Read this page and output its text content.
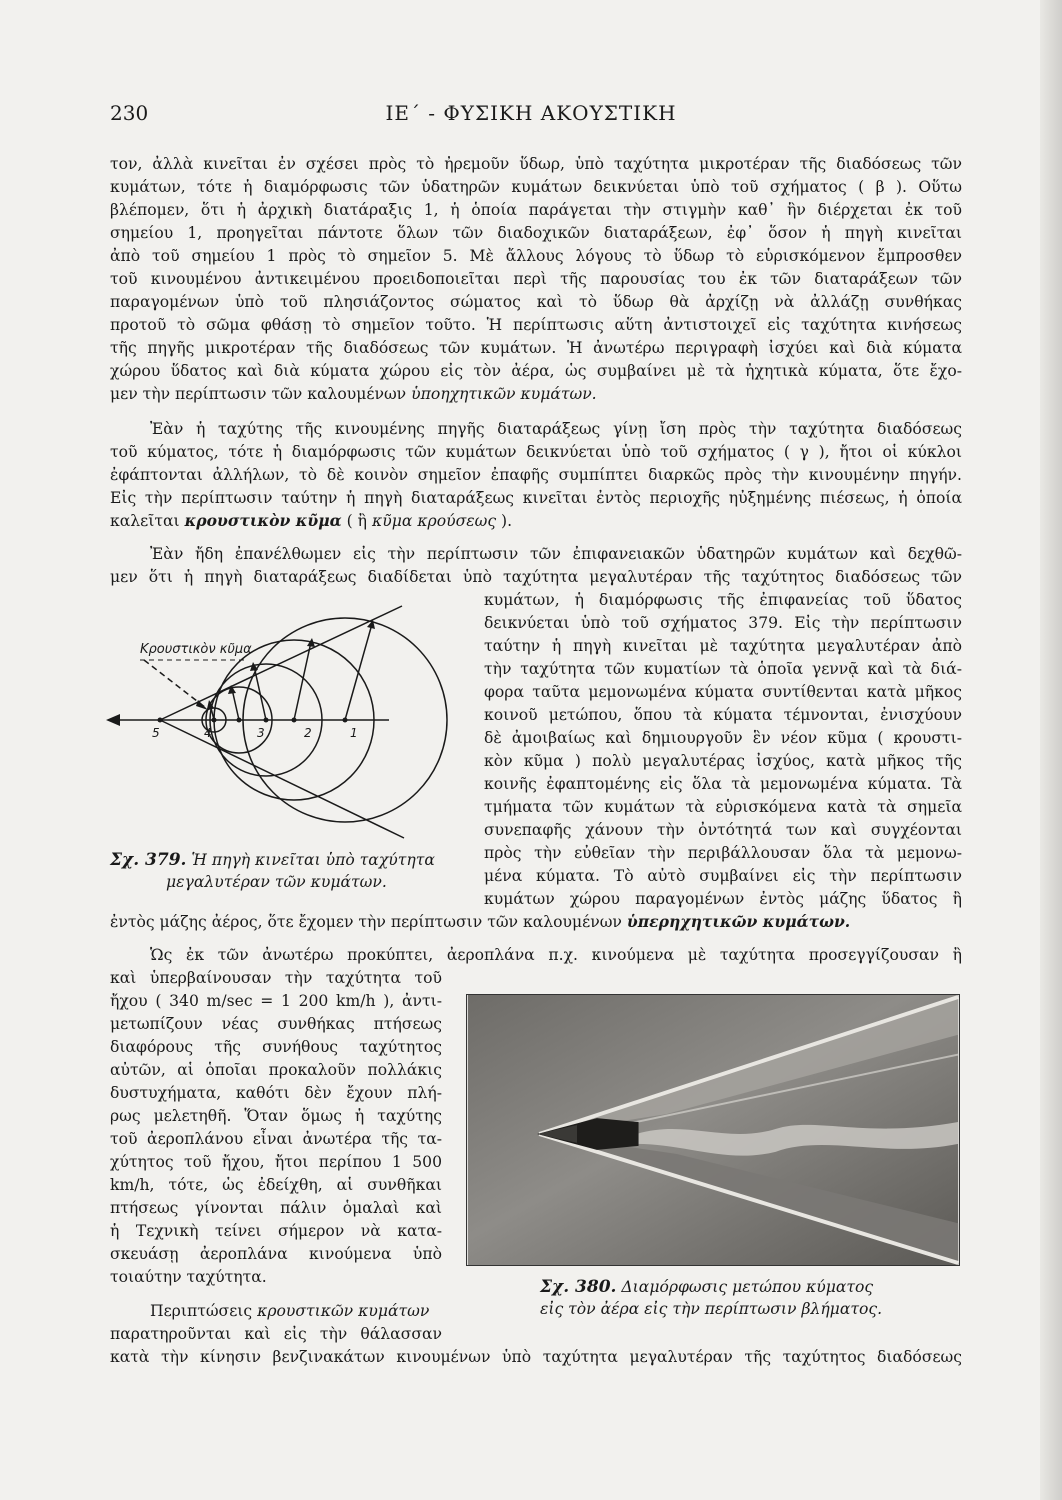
230	ΙΕ΄ - ΦΥΣΙΚΗ ΑΚΟΥΣΤΙΚΗ
τον, ἀλλὰ κινεῖται ἐν σχέσει πρὸς τὸ ἠρεμοῦν ὕδωρ, ὑπὸ ταχύτητα μικροτέραν τῆς διαδόσεως τῶν
κυμάτων, τότε ἡ διαμόρφωσις τῶν ὑδατηρῶν κυμάτων δεικνύεται ὑπὸ τοῦ σχήματος ( β ). Οὕτω
βλέπομεν, ὅτι ἡ ἀρχικὴ διατάραξις 1, ἡ ὁποία παράγεται τὴν στιγμὴν καθ᾽ ἣν διέρχεται ἐκ τοῦ
σημείου 1, προηγεῖται πάντοτε ὅλων τῶν διαδοχικῶν διαταράξεων, ἐφ᾽ ὅσον ἡ πηγὴ κινεῖται
ἀπὸ τοῦ σημείου 1 πρὸς τὸ σημεῖον 5. Μὲ ἄλλους λόγους τὸ ὕδωρ τὸ εὑρισκόμενον ἔμπροσθεν
τοῦ κινουμένου ἀντικειμένου προειδοποιεῖται περὶ τῆς παρουσίας του ἐκ τῶν διαταράξεων τῶν
παραγομένων ὑπὸ τοῦ πλησιάζοντος σώματος καὶ τὸ ὕδωρ θὰ ἀρχίζῃ νὰ ἀλλάζῃ συνθήκας
προτοῦ τὸ σῶμα φθάσῃ τὸ σημεῖον τοῦτο. Ἡ περίπτωσις αὕτη ἀντιστοιχεῖ εἰς ταχύτητα κινήσεως
τῆς πηγῆς μικροτέραν τῆς διαδόσεως τῶν κυμάτων. Ἡ ἀνωτέρω περιγραφὴ ἰσχύει καὶ διὰ κύματα
χώρου ὕδατος καὶ διὰ κύματα χώρου εἰς τὸν ἀέρα, ὡς συμβαίνει μὲ τὰ ἠχητικὰ κύματα, ὅτε ἔχο-
μεν τὴν περίπτωσιν τῶν καλουμένων ὑποηχητικῶν κυμάτων.
Ἐὰν ἡ ταχύτης τῆς κινουμένης πηγῆς διαταράξεως γίνῃ ἴση πρὸς τὴν ταχύτητα διαδόσεως
τοῦ κύματος, τότε ἡ διαμόρφωσις τῶν κυμάτων δεικνύεται ὑπὸ τοῦ σχήματος ( γ ), ἤτοι οἱ κύκλοι
ἐφάπτονται ἀλλήλων, τὸ δὲ κοινὸν σημεῖον ἐπαφῆς συμπίπτει διαρκῶς πρὸς τὴν κινουμένην πηγήν.
Εἰς τὴν περίπτωσιν ταύτην ἡ πηγὴ διαταράξεως κινεῖται ἐντὸς περιοχῆς ηὐξημένης πιέσεως, ἡ ὁποία
καλεῖται κρουστικὸν κῦμα ( ἢ κῦμα κρούσεως ).
Ἐὰν ἤδη ἐπανέλθωμεν εἰς τὴν περίπτωσιν τῶν ἐπιφανειακῶν ὑδατηρῶν κυμάτων καὶ δεχθῶ-
μεν ὅτι ἡ πηγὴ διαταράξεως διαδίδεται ὑπὸ ταχύτητα μεγαλυτέραν τῆς ταχύτητος διαδόσεως τῶν
κυμάτων, ἡ διαμόρφωσις τῆς ἐπιφανείας τοῦ ὕδατος
δεικνύεται ὑπὸ τοῦ σχήματος 379. Εἰς τὴν περίπτωσιν
ταύτην ἡ πηγὴ κινεῖται μὲ ταχύτητα μεγαλυτέραν ἀπὸ
τὴν ταχύτητα τῶν κυματίων τὰ ὁποῖα γεννᾷ καὶ τὰ διά-
φορα ταῦτα μεμονωμένα κύματα συντίθενται κατὰ μῆκος
κοινοῦ μετώπου, ὅπου τὰ κύματα τέμνονται, ἐνισχύουν
δὲ ἀμοιβαίως καὶ δημιουργοῦν ἓν νέον κῦμα ( κρουστι-
κὸν κῦμα ) πολὺ μεγαλυτέρας ἰσχύος, κατὰ μῆκος τῆς
κοινῆς ἐφαπτομένης εἰς ὅλα τὰ μεμονωμένα κύματα. Τὰ
τμήματα τῶν κυμάτων τὰ εὑρισκόμενα κατὰ τὰ σημεῖα
συνεπαφῆς χάνουν τὴν ὀντότητά των καὶ συγχέονται
πρὸς τὴν εὐθεῖαν τὴν περιβάλλουσαν ὅλα τὰ μεμονω-
μένα κύματα. Τὸ αὐτὸ συμβαίνει εἰς τὴν περίπτωσιν
κυμάτων χώρου παραγομένων ἐντὸς μάζης ὕδατος ἢ
ἐντὸς μάζης ἀέρος, ὅτε ἔχομεν τὴν περίπτωσιν τῶν καλουμένων ὑπερηχητικῶν κυμάτων.
Κρουστικὸν κῦμα
5	4	3	2	1
Σχ. 379. Ἡ πηγὴ κινεῖται ὑπὸ ταχύτητα
μεγαλυτέραν τῶν κυμάτων.
Ὡς ἐκ τῶν ἀνωτέρω προκύπτει, ἀεροπλάνα π.χ. κινούμενα μὲ ταχύτητα προσεγγίζουσαν ἢ
καὶ ὑπερβαίνουσαν τὴν ταχύτητα τοῦ
ἤχου ( 340 m/sec = 1 200 km/h ), ἀντι-
μετωπίζουν νέας συνθήκας πτήσεως
διαφόρους τῆς συνήθους ταχύτητος
αὐτῶν, αἱ ὁποῖαι προκαλοῦν πολλάκις
δυστυχήματα, καθότι δὲν ἔχουν πλή-
ρως μελετηθῆ. Ὅταν ὅμως ἡ ταχύτης
τοῦ ἀεροπλάνου εἶναι ἀνωτέρα τῆς τα-
χύτητος τοῦ ἤχου, ἤτοι περίπου 1 500
km/h, τότε, ὡς ἐδείχθη, αἱ συνθῆκαι
πτήσεως γίνονται πάλιν ὁμαλαὶ καὶ
ἡ Τεχνικὴ τείνει σήμερον νὰ κατα-
σκευάσῃ ἀεροπλάνα κινούμενα ὑπὸ
τοιαύτην ταχύτητα.
Περιπτώσεις κρουστικῶν κυμάτων
παρατηροῦνται καὶ εἰς τὴν θάλασσαν
κατὰ τὴν κίνησιν βενζινακάτων κινουμένων ὑπὸ ταχύτητα μεγαλυτέραν τῆς ταχύτητος διαδόσεως
Σχ. 380. Διαμόρφωσις μετώπου κύματος
εἰς τὸν ἀέρα εἰς τὴν περίπτωσιν βλήματος.
